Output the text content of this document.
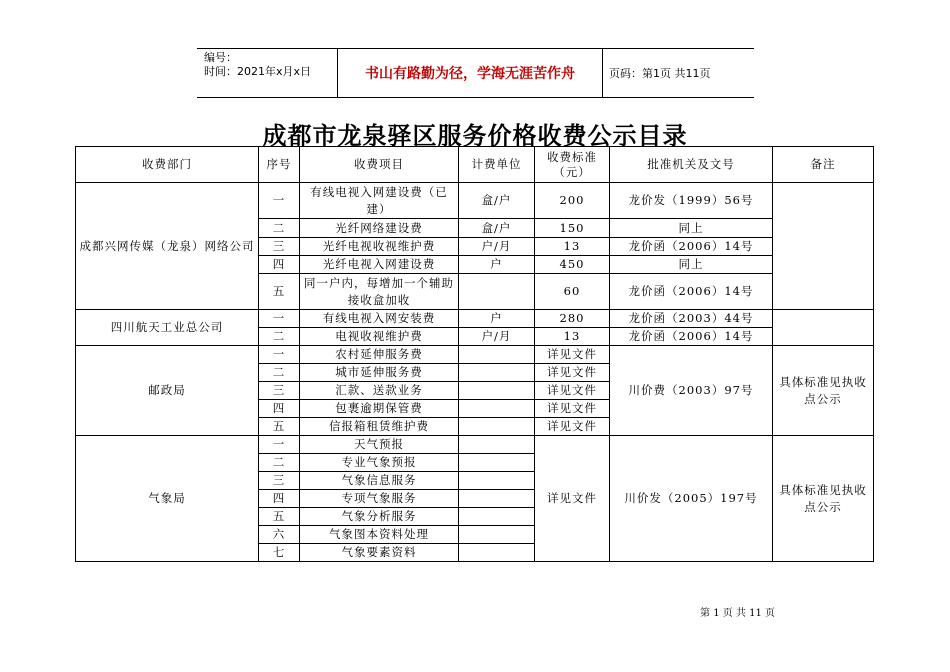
编号：
时间：2021年x月x日	书山有路勤为径，学海无涯苦作舟	页码：第1页 共11页
成都市龙泉驿区服务价格收费公示目录
收费部门	序号	收费项目	计费单位	收费标准（元）	批准机关及文号	备注
成都兴网传媒（龙泉）网络公司	一	有线电视入网建设费（已建）	盒/户	200	龙价发（1999）56号	
	二	光纤网络建设费	盒/户	150	同上	
	三	光纤电视收视维护费	户/月	13	龙价函（2006）14号	
	四	光纤电视入网建设费	户	450	同上	
	五	同一户内，每增加一个辅助接收盒加收		60	龙价函（2006）14号	
四川航天工业总公司	一	有线电视入网安装费	户	280	龙价函（2003）44号	
	二	电视收视维护费	户/月	13	龙价函（2006）14号	
邮政局	一	农村延伸服务费		详见文件	川价费（2003）97号	具体标准见执收点公示
	二	城市延伸服务费		详见文件		
	三	汇款、送款业务		详见文件		
	四	包裹逾期保管费		详见文件		
	五	信报箱租赁维护费		详见文件		
气象局	一	天气预报		详见文件	川价发（2005）197号	具体标准见执收点公示
	二	专业气象预报				
	三	气象信息服务				
	四	专项气象服务				
	五	气象分析服务				
	六	气象图本资料处理				
	七	气象要素资料				
第 1 页 共 11 页
